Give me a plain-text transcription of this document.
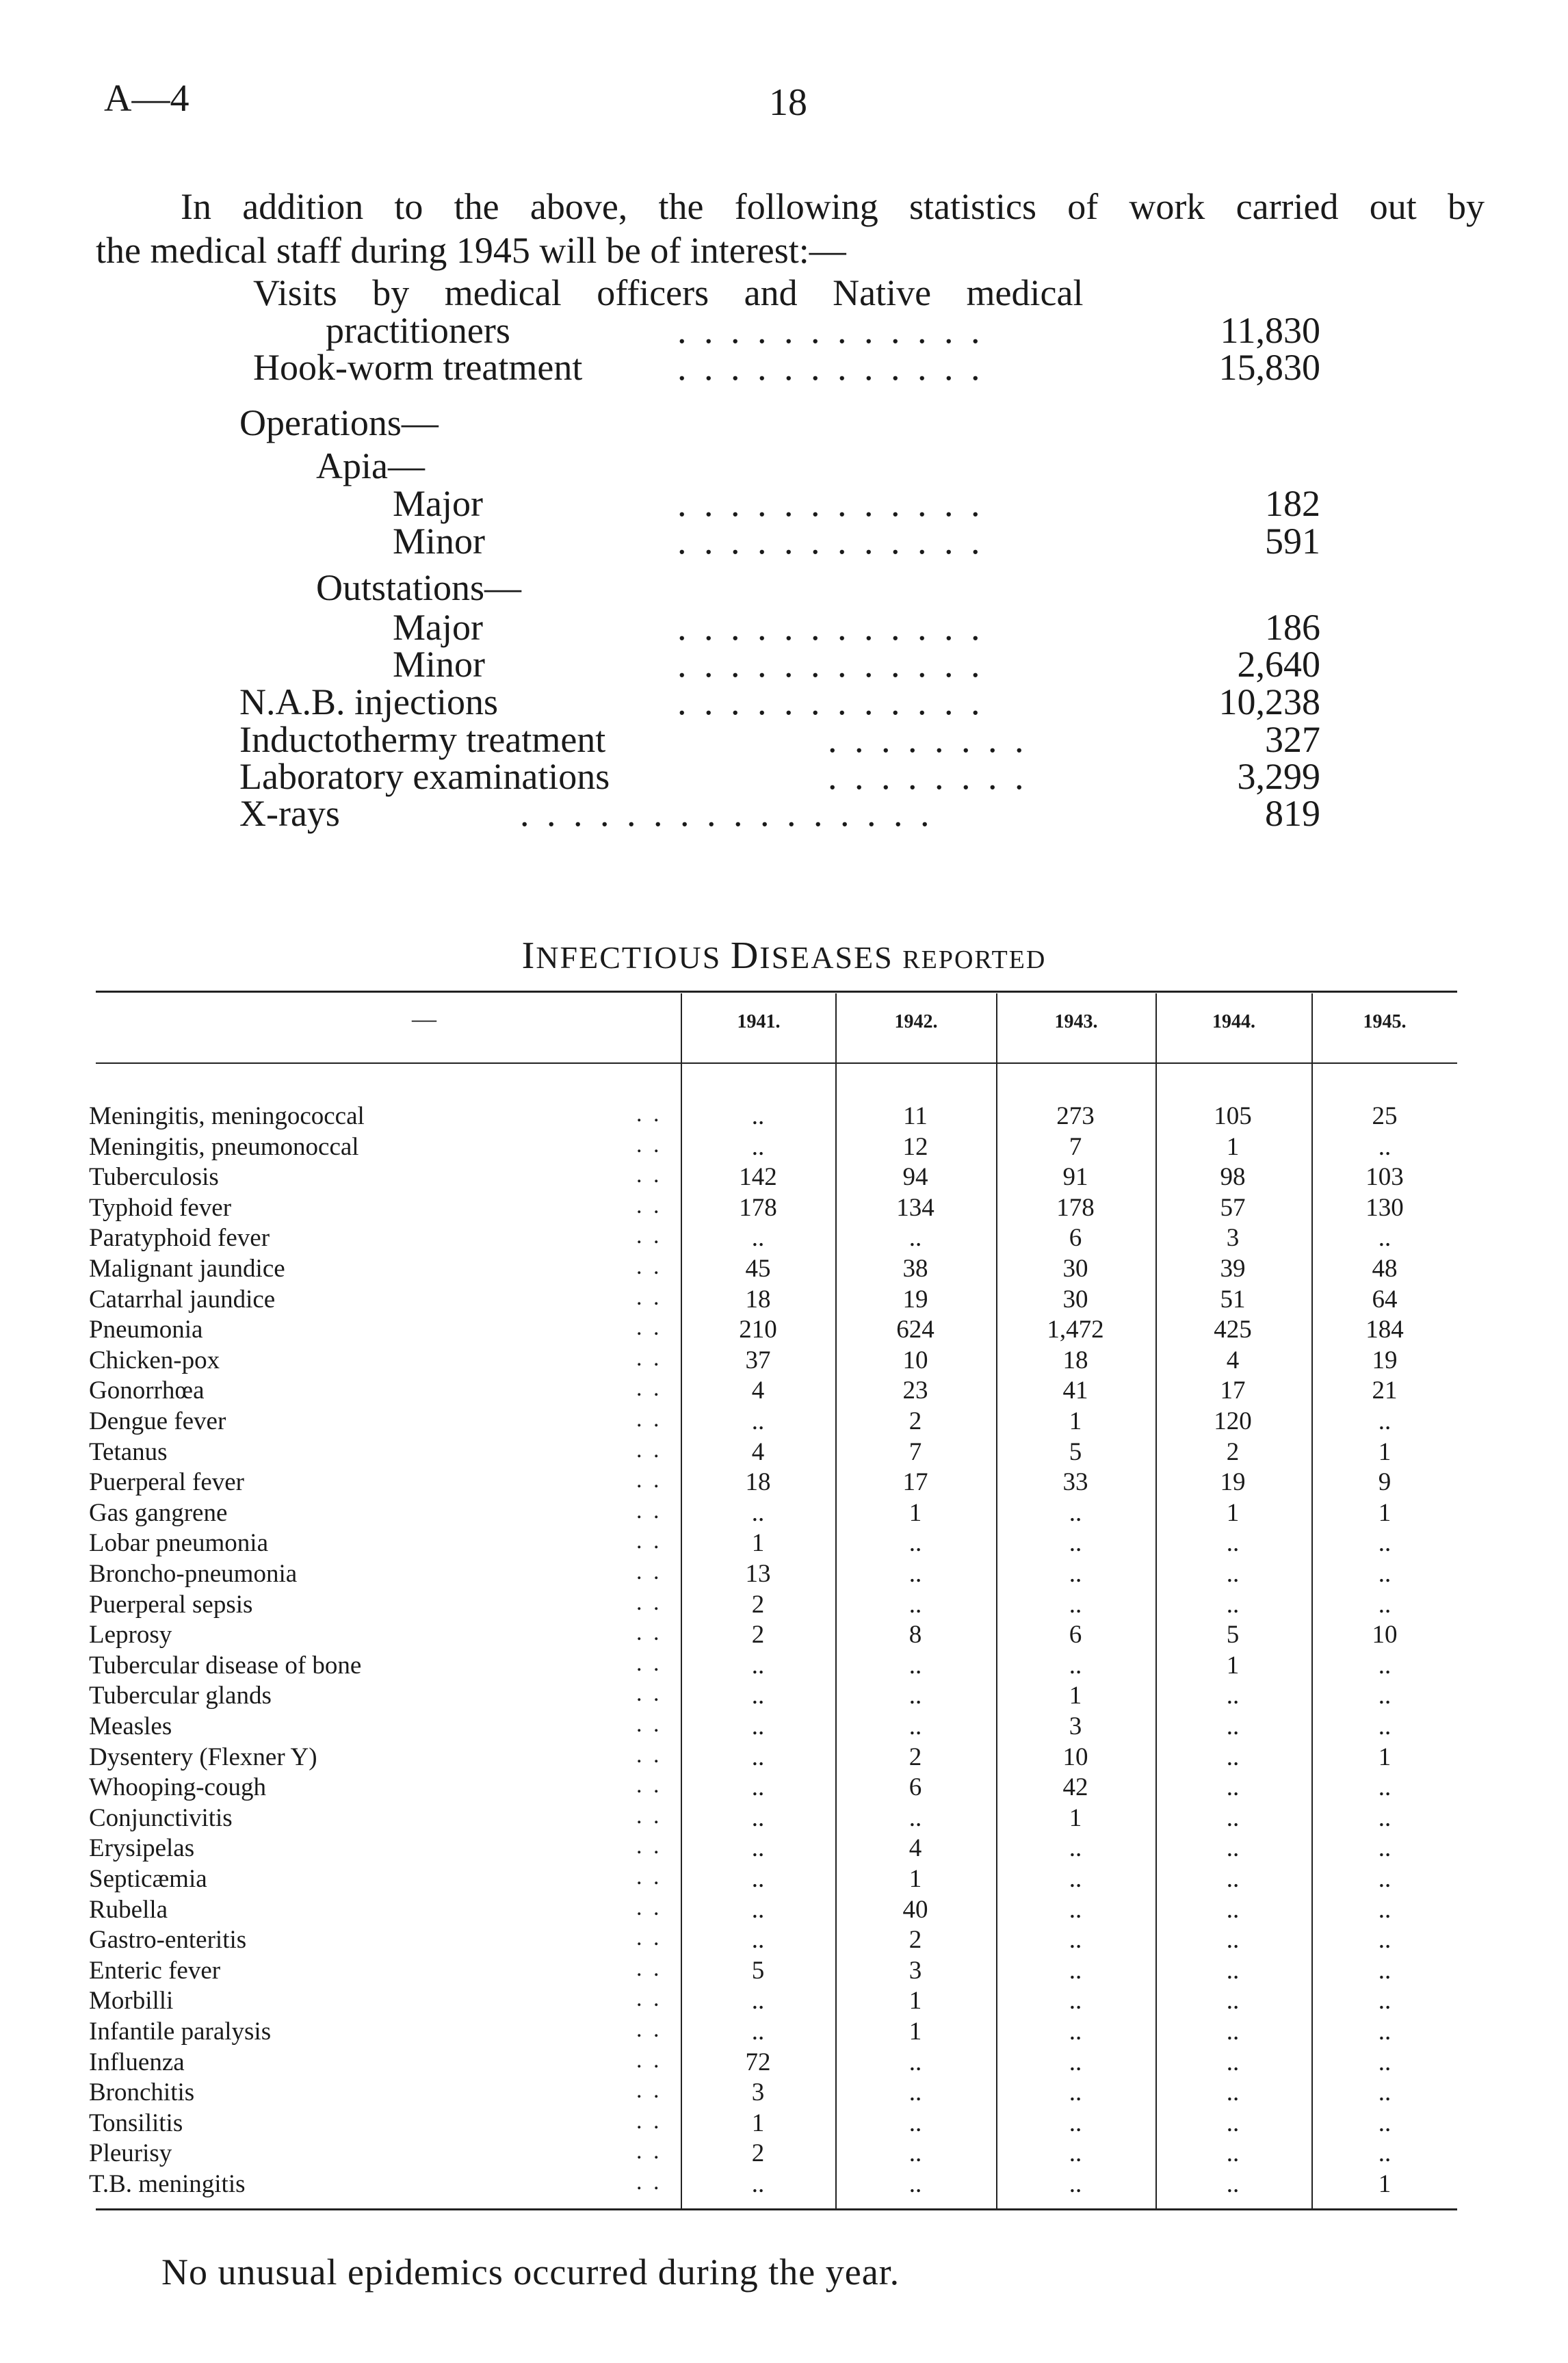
A—4	18
In addition to the above, the following statistics of work carried out by
the medical staff during 1945 will be of interest:—
Visits by medical officers and Native medical
practitioners	. . . . . . . . . . . .	11,830
Hook-worm treatment	. . . . . . . . . . . .	15,830
Operations—
Apia—
Major	. . . . . . . . . . . .	182
Minor	. . . . . . . . . . . .	591
Outstations—
Major	. . . . . . . . . . . .	186
Minor	. . . . . . . . . . . .	2,640
N.A.B. injections	. . . . . . . . . . . .	10,238
Inductothermy treatment	. . . . . . . .	327
Laboratory examinations	. . . . . . . .	3,299
X-rays	. . . . . . . . . . . . . . . .	819
INFECTIOUS DISEASES REPORTED
—	1941.	1942.	1943.	1944.	1945.
Meningitis, meningococcal	. .	..	11	273	105	25
Meningitis, pneumonoccal	. .	..	12	7	1	..
Tuberculosis	. .	142	94	91	98	103
Typhoid fever	. .	178	134	178	57	130
Paratyphoid fever	. .	..	..	6	3	..
Malignant jaundice	. .	45	38	30	39	48
Catarrhal jaundice	. .	18	19	30	51	64
Pneumonia	. .	210	624	1,472	425	184
Chicken-pox	. .	37	10	18	4	19
Gonorrhœa	. .	4	23	41	17	21
Dengue fever	. .	..	2	1	120	..
Tetanus	. .	4	7	5	2	1
Puerperal fever	. .	18	17	33	19	9
Gas gangrene	. .	..	1	..	1	1
Lobar pneumonia	. .	1	..	..	..	..
Broncho-pneumonia	. .	13	..	..	..	..
Puerperal sepsis	. .	2	..	..	..	..
Leprosy	. .	2	8	6	5	10
Tubercular disease of bone	. .	..	..	..	1	..
Tubercular glands	. .	..	..	1	..	..
Measles	. .	..	..	3	..	..
Dysentery (Flexner Y)	. .	..	2	10	..	1
Whooping-cough	. .	..	6	42	..	..
Conjunctivitis	. .	..	..	1	..	..
Erysipelas	. .	..	4	..	..	..
Septicæmia	. .	..	1	..	..	..
Rubella	. .	..	40	..	..	..
Gastro-enteritis	. .	..	2	..	..	..
Enteric fever	. .	5	3	..	..	..
Morbilli	. .	..	1	..	..	..
Infantile paralysis	. .	..	1	..	..	..
Influenza	. .	72	..	..	..	..
Bronchitis	. .	3	..	..	..	..
Tonsilitis	. .	1	..	..	..	..
Pleurisy	. .	2	..	..	..	..
T.B. meningitis	. .	..	..	..	..	1
No unusual epidemics occurred during the year.
